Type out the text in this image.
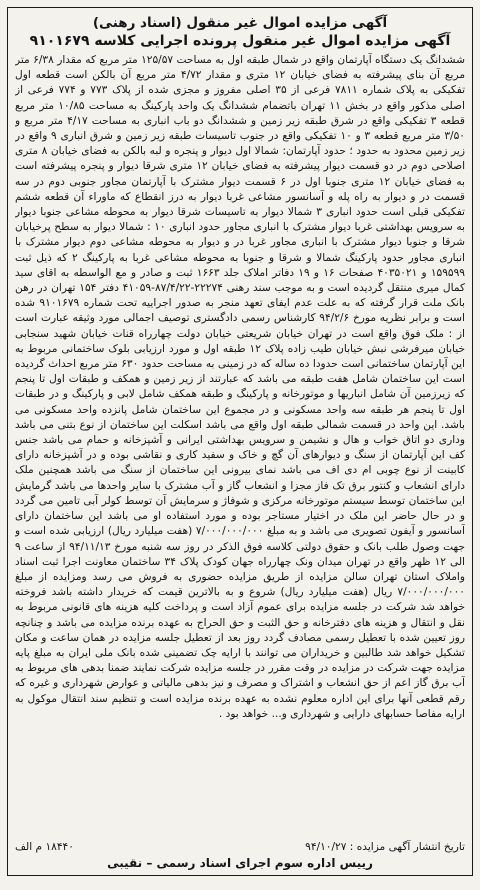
آگهی مزایده اموال غیر منقول (اسناد رهنی)
آگهی مزایده اموال غیر منقول پرونده اجرایی کلاسه ۹۱۰۱۶۷۹
ششدانگ یک دستگاه آپارتمان واقع در شمال طبقه اول به مساحت ۱۲۵/۵۷ متر مربع که مقدار ۶/۳۸ متر مربع آن بنای پیشرفته به فضای خیابان ۱۲ متری و مقدار ۴/۷۲ متر مربع آن بالکن است قطعه اول تفکیکی به پلاک شماره ۷۸۱۱ فرعی از ۳۵ اصلی مفروز و مجزی شده از پلاک ۷۷۳ و ۷۷۴ فرعی از اصلی مذکور واقع در بخش ۱۱ تهران باتضمام ششدانگ یک واحد پارکینگ به مساحت ۱۰/۸۵ متر مربع قطعه ۳ تفکیکی واقع در شرق طبقه زیر زمین و ششدانگ دو باب انباری به مساحت ۴/۱۷ متر مربع و ۳/۵۰ متر مربع قطعه ۳ و ۱۰ تفکیکی واقع در جنوب تاسیسات طبقه زیر زمین و شرق انباری ۹ واقع در زیر زمین محدود به حدود ؛ حدود آپارتمان: شمالا اول دیوار و پنجره و لبه بالکن به فضای خیابان ۸ متری اصلاحی دوم در دو قسمت دیوار پیشرفته به فضای خیابان ۱۲ متری شرقا دیوار و پنجره پیشرفته است به فضای خیابان ۱۲ متری جنوبا اول در ۶ قسمت دیوار مشترک با آپارتمان مجاور جنوبی دوم در سه قسمت در و دیوار به راه پله و آسانسور مشاعی غربا دیوار به درز انقطاع که ماوراء آن قطعه ششم تفکیکی قبلی است حدود انباری ۳ شمالا دیوار به تاسیسات شرقا دیوار به محوطه مشاعی جنوبا دیوار به سرویس بهداشتی غربا دیوار مشترک با انباری مجاور حدود انباری ۱۰ : شمالا دیوار به سطح پرخیابان شرقا و جنوبا دیوار مشترک با انباری مجاور غربا در و دیوار به محوطه مشاعی دوم دیوار مشترک با انباری مجاور حدود پارکینگ شمالا و شرقا و جنوبا به محوطه مشاعی غربا به پارکینگ ۲ که ذیل ثبت ۱۵۹۵۹۹ و ۴۰۳۵۰۲۱ صفحات ۱۶ و ۱۹ دفاتر املاک جلد ۱۶۶۳ ثبت و صادر و مع الواسطه به اقای سید کمال میری منتقل گردیده است و به موجب سند رهنی ۲۲۲۷۴-۸۷/۴/۲۲-۴۱۰۵۹ دفتر ۱۵۴ تهران در رهن بانک ملت قرار گرفته که به علت عدم ایفای تعهد منجر به صدور اجراییه تحت شماره ۹۱۰۱۶۷۹ شده است و برابر نظریه مورخ ۹۴/۲/۶ کارشناس رسمی دادگستری توصیف اجمالی مورد وثیقه عبارت است از : ملک فوق واقع است در تهران خیابان شریعتی خیابان دولت چهارراه قنات خیابان شهید سنجابی خیابان میرفرشی نبش خیابان طیب زاده پلاک ۱۲ طبقه اول و مورد ارزیابی بلوک ساختمانی مربوط به این آپارتمان ساختمانی است حدودا ده ساله که در زمینی به مساحت حدود ۶۳۰ متر مربع احداث گردیده است این ساختمان شامل هفت طبقه می باشد که عبارتند از زیر زمین و همکف و طبقات اول تا پنجم که زیرزمین آن شامل انباریها و موتورخانه و پارکینگ و طبقه همکف شامل لابی و پارکینگ و در طبقات اول تا پنجم هر طبقه سه واحد مسکونی و در مجموع این ساختمان شامل پانزده واحد مسکونی می باشد. این واحد در قسمت شمالی طبقه اول واقع می باشد اسکلت این ساختمان از نوع بتنی می باشد وداری دو اتاق خواب و هال و نشیمن و سرویس بهداشتی ایرانی و آشپزخانه و حمام می باشد جنس کف این آپارتمان از سنگ و دیوارهای آن گچ و خاک و سفید کاری و نقاشی بوده و در آشپزخانه دارای کابینت از نوع چوبی ام دی اف می باشد نمای بیرونی این ساختمان از سنگ می باشد همچنین ملک دارای انشعاب و کنتور برق تک فاز مجزا و انشعاب گاز و آب مشترک با سایر واحدها می باشد گرمایش این ساختمان توسط سیستم موتورخانه مرکزی و شوفاژ و سرمایش آن توسط کولر آبی تامین می گردد و در حال حاضر این ملک در اختیار مستاجر بوده و مورد استفاده او می باشد این ساختمان دارای آسانسور و آیفون تصویری می باشد و به مبلغ ۷/۰۰۰/۰۰۰/۰۰۰ (هفت میلیارد ریال) ارزیابی شده است و جهت وصول طلب بانک و حقوق دولتی کلاسه فوق الذکر در روز سه شنبه مورخ ۹۴/۱۱/۱۳ از ساعت ۹ الی ۱۲ ظهر واقع در تهران میدان ونک چهارراه جهان کودک پلاک ۳۴ ساختمان معاونت اجرا ثبت اسناد واملاک استان تهران سالن مزایده از طریق مزایده حضوری به فروش می رسد ومزایده از مبلغ ۷/۰۰۰/۰۰۰/۰۰۰ ریال (هفت میلیارد ریال) شروع و به بالاترین قیمت که خریدار داشته باشد فروخته خواهد شد شرکت در جلسه مزایده برای عموم آزاد است و پرداخت کلیه هزینه های قانونی مربوط به نقل و انتقال و هزینه های دفترخانه و حق الثبت و حق الحراج به عهده برنده مزایده می باشد و چنانچه روز تعیین شده با تعطیل رسمی مصادف گردد روز بعد از تعطیل جلسه مزایده در همان ساعت و مکان تشکیل خواهد شد طالبین و خریداران می توانند با ارایه چک تضمینی شده بانک ملی ایران به مبلغ پایه مزایده جهت شرکت در مزایده در وقت مقرر در جلسه مزایده شرکت نمایند ضمنا بدهی های مربوط به آب برق گاز اعم از حق انشعاب و اشتراک و مصرف و نیز بدهی مالیاتی و عوارض شهرداری و غیره که رقم قطعی آنها برای این اداره معلوم نشده به عهده برنده مزایده است و تنظیم سند انتقال موکول به ارایه مفاصا حسابهای دارایی و شهرداری و... خواهد بود .
تاریخ انتشار آگهی مزایده : ۹۴/۱۰/۲۷
۱۸۴۴۰ م الف
رییس اداره سوم اجرای اسناد رسمی – نقیبی
